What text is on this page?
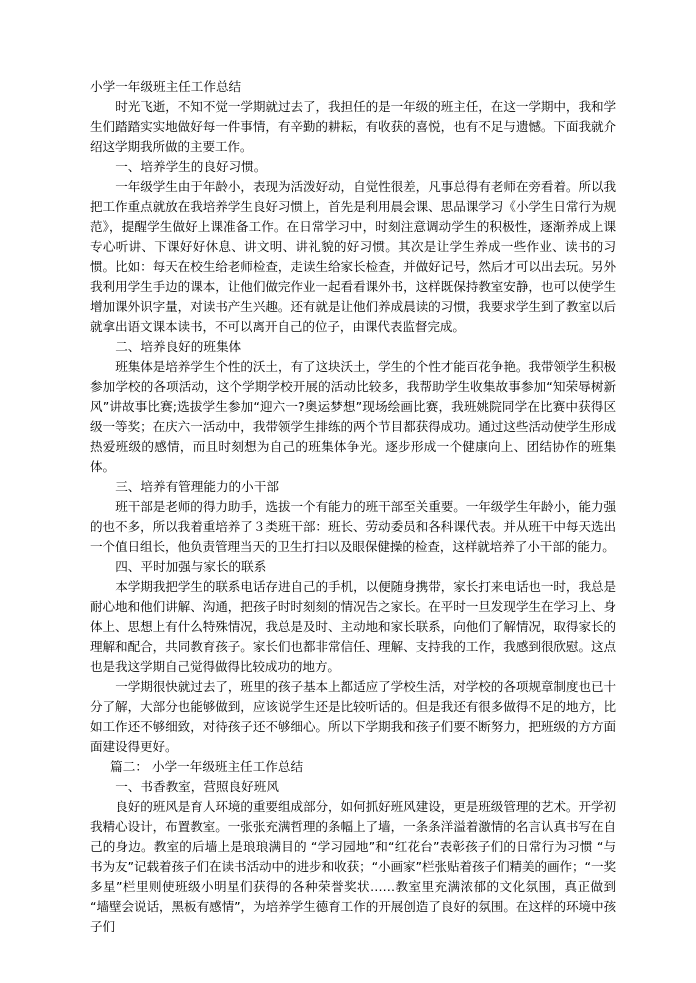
小学一年级班主任工作总结

时光飞逝，不知不觉一学期就过去了，我担任的是一年级的班主任，在这一学期中，我和学生们踏踏实实地做好每一件事情，有辛勤的耕耘，有收获的喜悦，也有不足与遗憾。下面我就介绍这学期我所做的主要工作。

一、培养学生的良好习惯。

一年级学生由于年龄小，表现为活泼好动，自觉性很差，凡事总得有老师在旁看着。所以我把工作重点就放在我培养学生良好习惯上，首先是利用晨会课、思品课学习《小学生日常行为规范》，提醒学生做好上课准备工作。在日常学习中，时刻注意调动学生的积极性，逐渐养成上课专心听讲、下课好好休息、讲文明、讲礼貌的好习惯。其次是让学生养成一些作业、读书的习惯。比如：每天在校生给老师检查，走读生给家长检查，并做好记号，然后才可以出去玩。另外我利用学生手边的课本，让他们做完作业一起看看课外书，这样既保持教室安静，也可以使学生增加课外识字量，对读书产生兴趣。还有就是让他们养成晨读的习惯，我要求学生到了教室以后就拿出语文课本读书，不可以离开自己的位子，由课代表监督完成。

二、培养良好的班集体

班集体是培养学生个性的沃土，有了这块沃土，学生的个性才能百花争艳。我带领学生积极参加学校的各项活动，这个学期学校开展的活动比较多，我帮助学生收集故事参加“知荣辱树新风”讲故事比赛;选拔学生参加“迎六一?奥运梦想”现场绘画比赛，我班姚院同学在比赛中获得区级一等奖；在庆六一活动中，我带领学生排练的两个节目都获得成功。通过这些活动使学生形成热爱班级的感情，而且时刻想为自己的班集体争光。逐步形成一个健康向上、团结协作的班集体。

三、培养有管理能力的小干部

班干部是老师的得力助手，选拔一个有能力的班干部至关重要。一年级学生年龄小，能力强的也不多，所以我着重培养了３类班干部：班长、劳动委员和各科课代表。并从班干中每天选出一个值日组长，他负责管理当天的卫生打扫以及眼保健操的检查，这样就培养了小干部的能力。

四、平时加强与家长的联系

本学期我把学生的联系电话存进自己的手机，以便随身携带，家长打来电话也一时，我总是耐心地和他们讲解、沟通，把孩子时时刻刻的情况告之家长。在平时一旦发现学生在学习上、身体上、思想上有什么特殊情况，我总是及时、主动地和家长联系，向他们了解情况，取得家长的理解和配合，共同教育孩子。家长们也都非常信任、理解、支持我的工作，我感到很欣慰。这点也是我这学期自己觉得做得比较成功的地方。

一学期很快就过去了，班里的孩子基本上都适应了学校生活，对学校的各项规章制度也已十分了解，大部分也能够做到，应该说学生还是比较听话的。但是我还有很多做得不足的地方，比如工作还不够细致，对待孩子还不够细心。所以下学期我和孩子们要不断努力，把班级的方方面面建设得更好。

篇二： 小学一年级班主任工作总结

一、书香教室，营照良好班风

良好的班风是育人环境的重要组成部分，如何抓好班风建设，更是班级管理的艺术。开学初我精心设计，布置教室。一张张充满哲理的条幅上了墙，一条条洋溢着激情的名言认真书写在自己的身边。教室的后墙上是琅琅满目的 “学习园地”和“红花台”表彰孩子们的日常行为习惯 “与书为友”记载着孩子们在读书活动中的进步和收获；“小画家”栏张贴着孩子们精美的画作；“一奖多星”栏里则使班级小明星们获得的各种荣誉奖状……教室里充满浓郁的文化氛围，真正做到 “墙壁会说话，黑板有感情”，为培养学生德育工作的开展创造了良好的氛围。在这样的环境中孩子们
